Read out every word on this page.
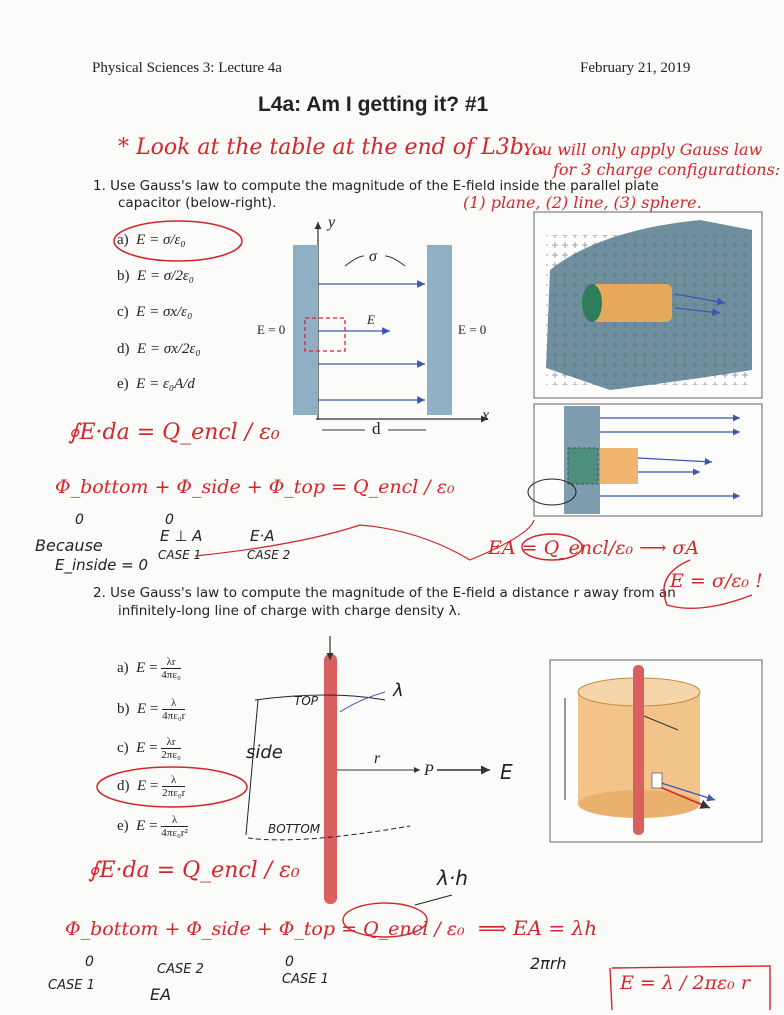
Physical Sciences 3: Lecture 4a	February 21, 2019
L4a: Am I getting it? #1
* Look at the table at the end of L3b...
You will only apply Gauss law
for 3 charge configurations:
(1) plane, (2) line, (3) sphere.
1. Use Gauss's law to compute the magnitude of the E-field inside the parallel plate
capacitor (below-right).
a) E = σ/ε₀
b) E = σ/2ε₀
c) E = σx/ε₀
d) E = σx/2ε₀
e) E = ε₀A/d
y
σ
E = 0	E = 0
E
d
x
∮E·da = Q_encl / ε₀
Φ_bottom + Φ_side + Φ_top = Q_encl / ε₀
0	0
Because
E_inside = 0
E ⊥ A
CASE 1
E·A
CASE 2	EA = Q_encl/ε₀ ⟶ σA
E = σ/ε₀ !
2. Use Gauss's law to compute the magnitude of the E-field a distance r away from an
infinitely-long line of charge with charge density λ.
a) $E = \frac{\lambda r}{\text{4πε₀}}$
b) $E = \frac{\lambda}{\text{4πε₀r}}$
c) $E = \frac{\lambda r}{\text{2πε₀}}$
d) $E = \frac{\lambda}{\text{2πε₀r}}$
e) $E = \frac{\lambda}{\text{4πε₀r²}}$
TOP
side
BOTTOM
λ
r
P	E
λ·h
∮E·da = Q_encl / ε₀
Φ_bottom + Φ_side + Φ_top = Q_encl / ε₀
0
CASE 1
CASE 2
EA
0
CASE 1
⟹ EA = λh
2πrh
E = λ / 2πε₀ r
